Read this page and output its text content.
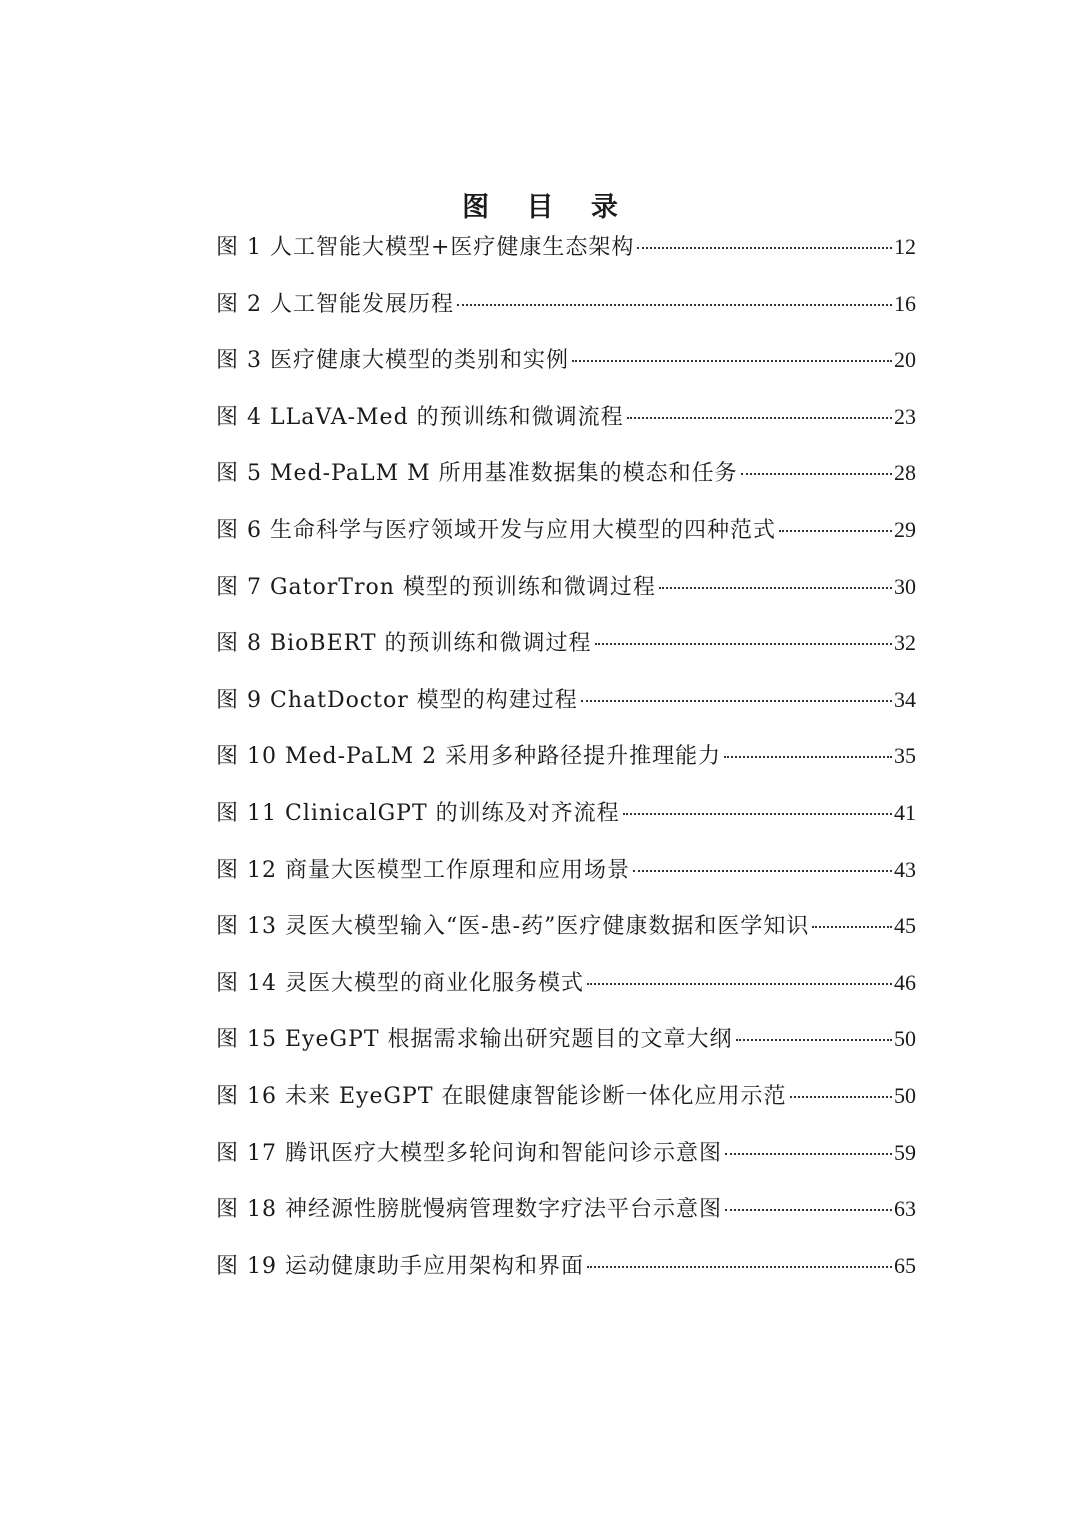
图 目 录
图 1 人工智能大模型+医疗健康生态架构	12
图 2 人工智能发展历程	16
图 3 医疗健康大模型的类别和实例	20
图 4 LLaVA-Med 的预训练和微调流程	23
图 5 Med-PaLM M 所用基准数据集的模态和任务	28
图 6 生命科学与医疗领域开发与应用大模型的四种范式	29
图 7 GatorTron 模型的预训练和微调过程	30
图 8 BioBERT 的预训练和微调过程	32
图 9 ChatDoctor 模型的构建过程	34
图 10 Med-PaLM 2 采用多种路径提升推理能力	35
图 11 ClinicalGPT 的训练及对齐流程	41
图 12 商量大医模型工作原理和应用场景	43
图 13 灵医大模型输入“医-患-药”医疗健康数据和医学知识	45
图 14 灵医大模型的商业化服务模式	46
图 15 EyeGPT 根据需求输出研究题目的文章大纲	50
图 16 未来 EyeGPT 在眼健康智能诊断一体化应用示范	50
图 17 腾讯医疗大模型多轮问询和智能问诊示意图	59
图 18 神经源性膀胱慢病管理数字疗法平台示意图	63
图 19 运动健康助手应用架构和界面	65
